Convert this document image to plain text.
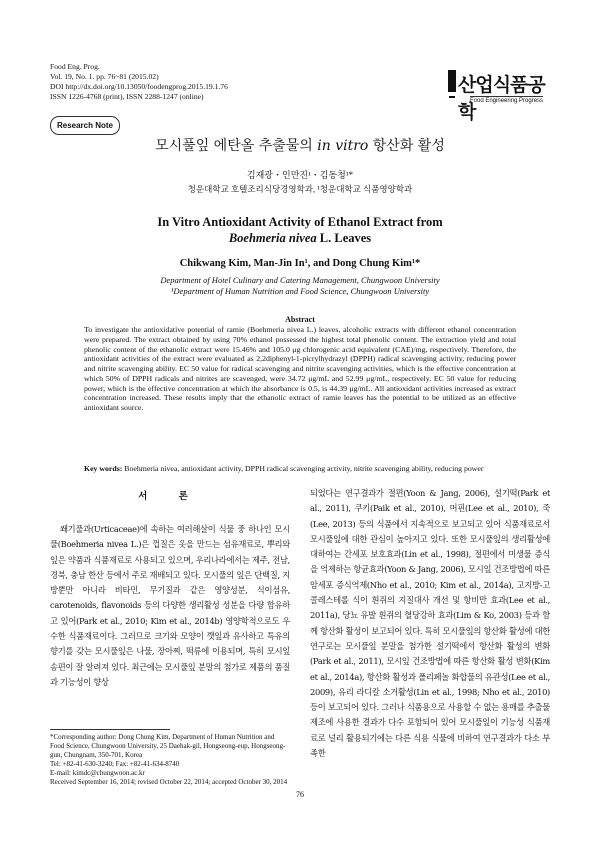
Food Eng. Prog.
Vol. 19, No. 1. pp. 76~81 (2015.02)
DOI http://dx.doi.org/10.13050/foodengprog.2015.19.1.76
ISSN 1226-4768 (print), ISSN 2288-1247 (online)
산업식품공학
Food Engineering Progress
Research Note
모시풀잎 에탄올 추출물의 in vitro 항산화 활성
김재광・인만진¹・김동청¹*
청운대학교 호텔조리식당경영학과, ¹청운대학교 식품영양학과
In Vitro Antioxidant Activity of Ethanol Extract from
Boehmeria nivea L. Leaves
Chikwang Kim, Man-Jin In¹, and Dong Chung Kim¹*
Department of Hotel Culinary and Catering Management, Chungwoon University
¹Department of Human Nutrition and Food Science, Chungwoon University
Abstract
To investigate the antioxidative potential of ramie (Boehmeria nivea L.) leaves, alcoholic extracts with different ethanol concentration were prepared. The extract obtained by using 70% ethanol possessed the highest total phenolic content. The extraction yield and total phenolic content of the ethanolic extract were 15.46% and 105.0 μg chlorogenic acid equivalent (CAE)/mg, respectively. Therefore, the antioxidant activities of the extract were evaluated as 2,2diphenyl-1-picrylhydrazyl (DPPH) radical scavenging activity, reducing power and nitrite scavenging ability. EC 50 value for radical scavenging and nitrite scavenging activities, which is the effective concentration at which 50% of DPPH radicals and nitrites are scavenged, were 34.72 μg/mL and 52.99 μg/mL, respectively. EC 50 value for reducing power, which is the effective concentration at which the absorbance is 0.5, is 44.39 μg/mL. All antioxidant activities increased as extract concentration increased. These results imply that the ethanolic extract of ramie leaves has the potential to be utilized as an effective antioxidant source.
Key words: Boehmeria nivea, antioxidant activity, DPPH radical scavenging activity, nitrite scavenging ability, reducing power
서 론

쐐기풀과(Urticaceae)에 속하는 여러해살이 식물 중 하나인 모시풀(Boehmeria nivea L.)은 껍질은 옷을 만드는 섬유재료로, 뿌리와 잎은 약품과 식품재료로 사용되고 있으며, 우리나라에서는 제주, 전남, 경북, 충남 한산 등에서 주로 재배되고 있다. 모시풀의 잎은 단백질, 지방뿐만 아니라 비타민, 무기질과 같은 영양성분, 식이섬유, carotenoids, flavonoids 등의 다양한 생리활성 성분을 다량 함유하고 있어(Park et al., 2010; Kim et al., 2014b) 영양학적으로도 우수한 식품재료이다. 그러므로 크기와 모양이 깻잎과 유사하고 특유의 향기를 갖는 모시풀잎은 나물, 장아찌, 떡류에 이용되며, 특히 모시잎 송편이 잘 알려져 있다. 최근에는 모시풀잎 분말의 첨가로 제품의 품질과 기능성이 향상

되었다는 연구결과가 절편(Yoon & Jang, 2006), 설기떡(Park et al., 2011), 쿠키(Paik et al., 2010), 머핀(Lee et al., 2010), 죽(Lee, 2013) 등의 식품에서 지속적으로 보고되고 있어 식품재료로서 모시풀잎에 대한 관심이 높아지고 있다. 또한 모시풀잎의 생리활성에 대하여는 간세포 보호효과(Lin et al., 1998), 절편에서 미생물 증식을 억제하는 항균효과(Yoon & Jang, 2006), 모시잎 건조방법에 따른 암세포 증식억제(Nho et al., 2010; Kim et al., 2014a), 고지방-고콜레스테롤 식이 흰쥐의 지질대사 개선 및 항비만 효과(Lee et al., 2011a), 당뇨 유발 흰쥐의 혈당강하 효과(Lim & Ko, 2003) 등과 함께 항산화 활성이 보고되어 있다. 특히 모시풀잎의 항산화 활성에 대한 연구로는 모시풀잎 분말을 첨가한 설기떡에서 항산화 활성의 변화(Park et al., 2011), 모시잎 건조방법에 따른 항산화 활성 변화(Kim et al., 2014a), 항산화 활성과 폴리페놀 화합물의 유관성(Lee et al., 2009), 유리 라디칼 소거활성(Lin et al., 1998; Nho et al., 2010) 등이 보고되어 있다. 그러나 식품용으로 사용할 수 없는 용매를 추출물 제조에 사용한 결과가 다수 포함되어 있어 모시풀잎이 기능성 식품재료로 널리 활용되기에는 다른 식용 식물에 비하여 연구결과가 다소 부족한

*Corresponding author: Dong Chung Kim, Department of Human Nutrition and Food Science, Chungwoon University, 25 Daehak-gil, Hongseong-eup, Hongseong-gun, Chungnam, 350-701, Korea
Tel: +82-41-630-3240; Fax: +82-41-634-8740
E-mail: kimdc@chungwoon.ac.kr
Received September 16, 2014; revised October 22, 2014; accepted October 30, 2014
76
